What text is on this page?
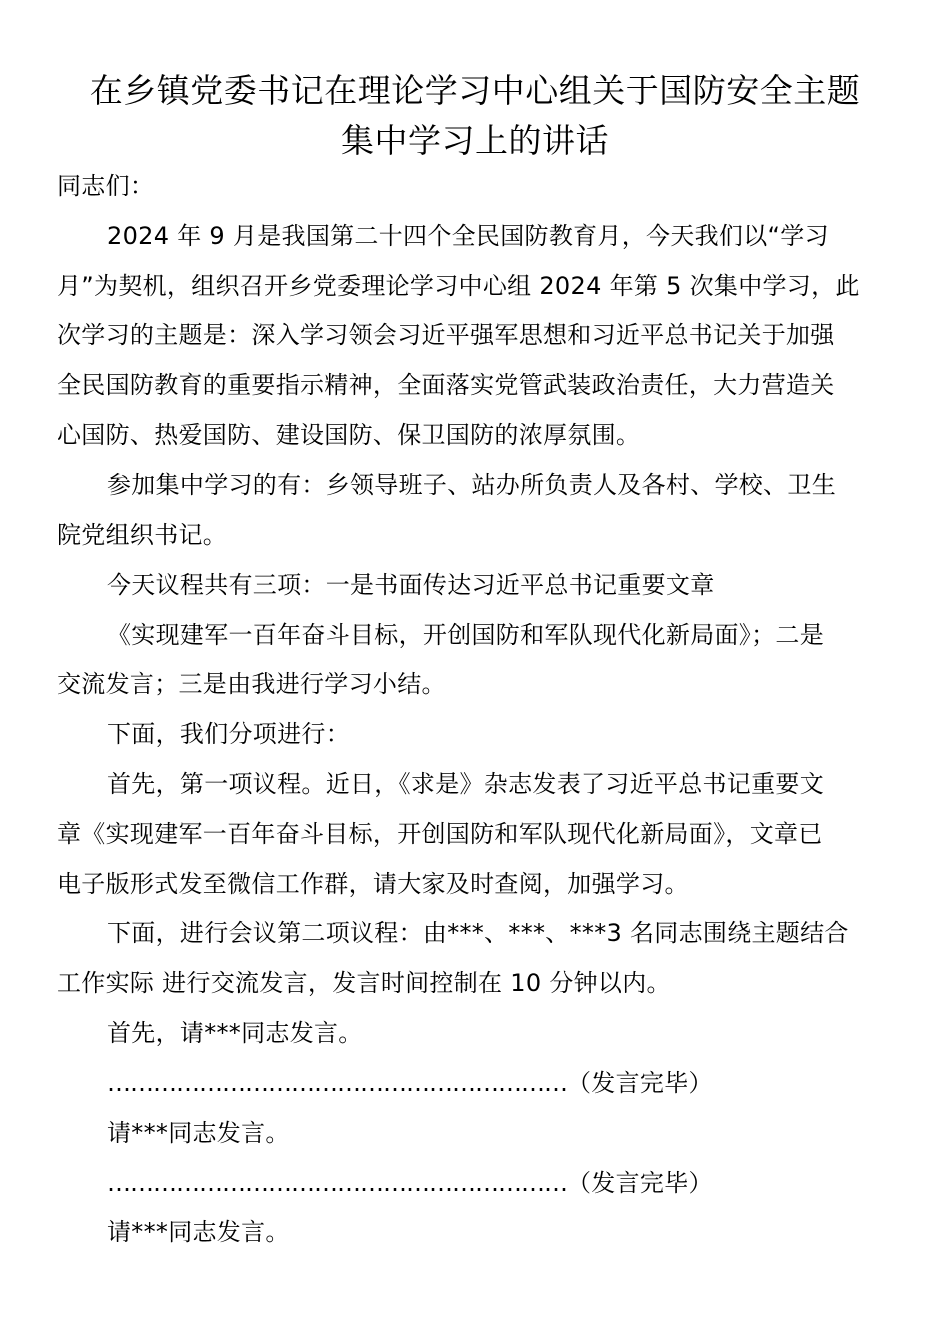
在乡镇党委书记在理论学习中心组关于国防安全主题
集中学习上的讲话

同志们：

2024 年 9 月是我国第二十四个全民国防教育月，今天我们以“学习

月”为契机，组织召开乡党委理论学习中心组 2024 年第 5 次集中学习，此

次学习的主题是：深入学习领会习近平强军思想和习近平总书记关于加强

全民国防教育的重要指示精神，全面落实党管武装政治责任，大力营造关

心国防、热爱国防、建设国防、保卫国防的浓厚氛围。

参加集中学习的有：乡领导班子、站办所负责人及各村、学校、卫生

院党组织书记。

今天议程共有三项：一是书面传达习近平总书记重要文章

《实现建军一百年奋斗目标，开创国防和军队现代化新局面》；二是

交流发言；三是由我进行学习小结。

下面，我们分项进行：

首先，第一项议程。近日，《求是》杂志发表了习近平总书记重要文

章《实现建军一百年奋斗目标，开创国防和军队现代化新局面》，文章已

电子版形式发至微信工作群，请大家及时查阅，加强学习。

下面，进行会议第二项议程：由***、***、***3 名同志围绕主题结合

工作实际 进行交流发言，发言时间控制在 10 分钟以内。

首先，请***同志发言。

……………………………………………………（发言完毕）

请***同志发言。

……………………………………………………（发言完毕）

请***同志发言。
